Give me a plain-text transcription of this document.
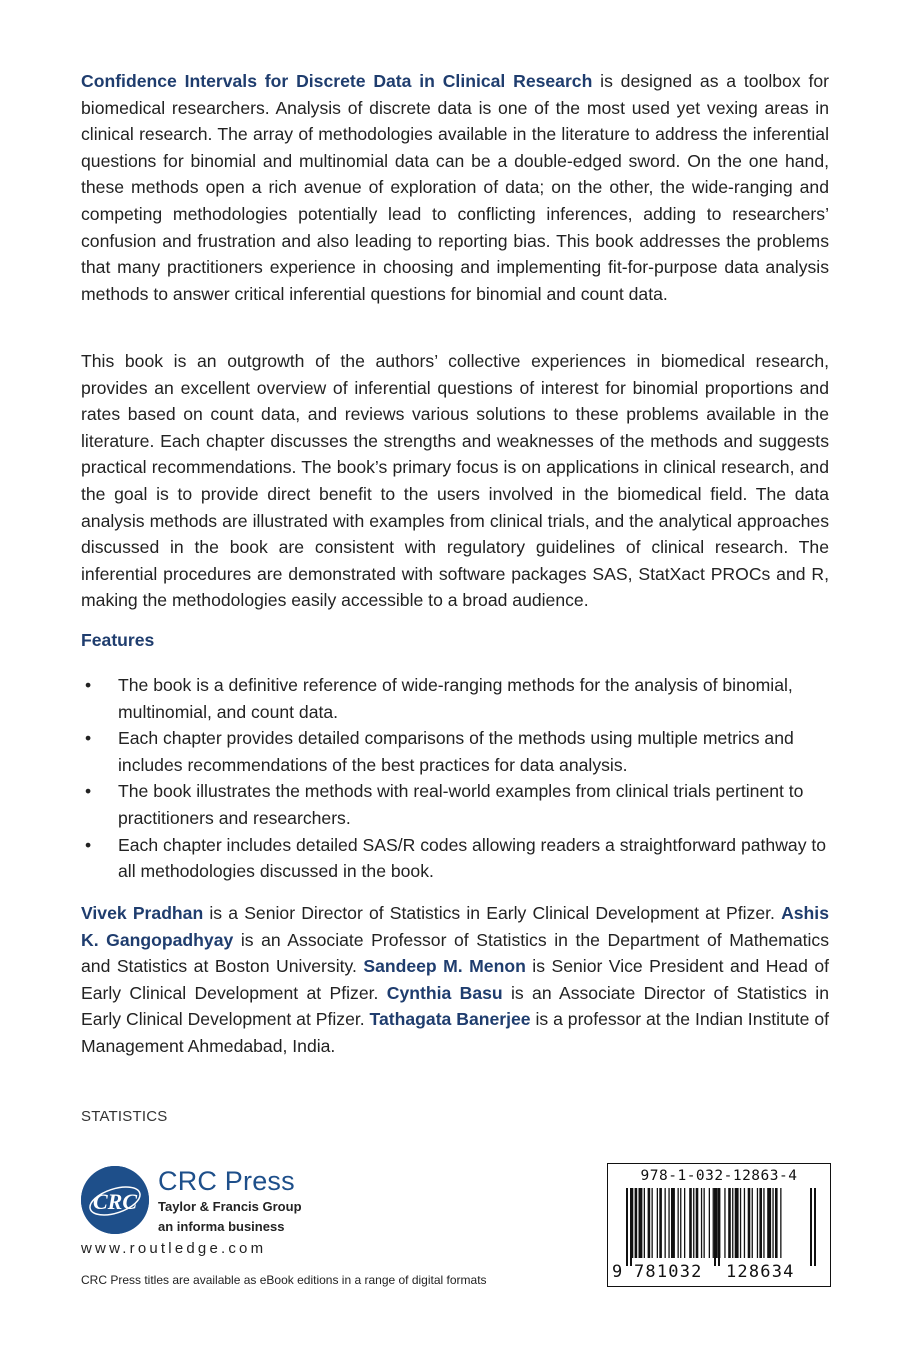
Confidence Intervals for Discrete Data in Clinical Research is designed as a toolbox for biomedical researchers. Analysis of discrete data is one of the most used yet vexing areas in clinical research. The array of methodologies available in the literature to address the inferential questions for binomial and multinomial data can be a double-edged sword. On the one hand, these methods open a rich avenue of exploration of data; on the other, the wide-ranging and competing methodologies potentially lead to conflicting inferences, adding to researchers’ confusion and frustration and also leading to reporting bias. This book addresses the problems that many practitioners experience in choosing and implementing fit-for-purpose data analysis methods to answer critical inferential questions for binomial and count data.
This book is an outgrowth of the authors’ collective experiences in biomedical research, provides an excellent overview of inferential questions of interest for binomial proportions and rates based on count data, and reviews various solutions to these problems available in the literature. Each chapter discusses the strengths and weaknesses of the methods and suggests practical recommendations. The book’s primary focus is on applications in clinical research, and the goal is to provide direct benefit to the users involved in the biomedical field. The data analysis methods are illustrated with examples from clinical trials, and the analytical approaches discussed in the book are consistent with regulatory guidelines of clinical research. The inferential procedures are demonstrated with software packages SAS, StatXact PROCs and R, making the methodologies easily accessible to a broad audience.
Features
• The book is a definitive reference of wide-ranging methods for the analysis of binomial, multinomial, and count data.
• Each chapter provides detailed comparisons of the methods using multiple metrics and includes recommendations of the best practices for data analysis.
• The book illustrates the methods with real-world examples from clinical trials pertinent to practitioners and researchers.
• Each chapter includes detailed SAS/R codes allowing readers a straightforward pathway to all methodologies discussed in the book.
Vivek Pradhan is a Senior Director of Statistics in Early Clinical Development at Pfizer. Ashis K. Gangopadhyay is an Associate Professor of Statistics in the Department of Mathematics and Statistics at Boston University. Sandeep M. Menon is Senior Vice President and Head of Early Clinical Development at Pfizer. Cynthia Basu is an Associate Director of Statistics in Early Clinical Development at Pfizer. Tathagata Banerjee is a professor at the Indian Institute of Management Ahmedabad, India.
STATISTICS
CRC
CRC Press
Taylor & Francis Group
an informa business
www.routledge.com
CRC Press titles are available as eBook editions in a range of digital formats
978-1-032-12863-4
9 781032 128634
